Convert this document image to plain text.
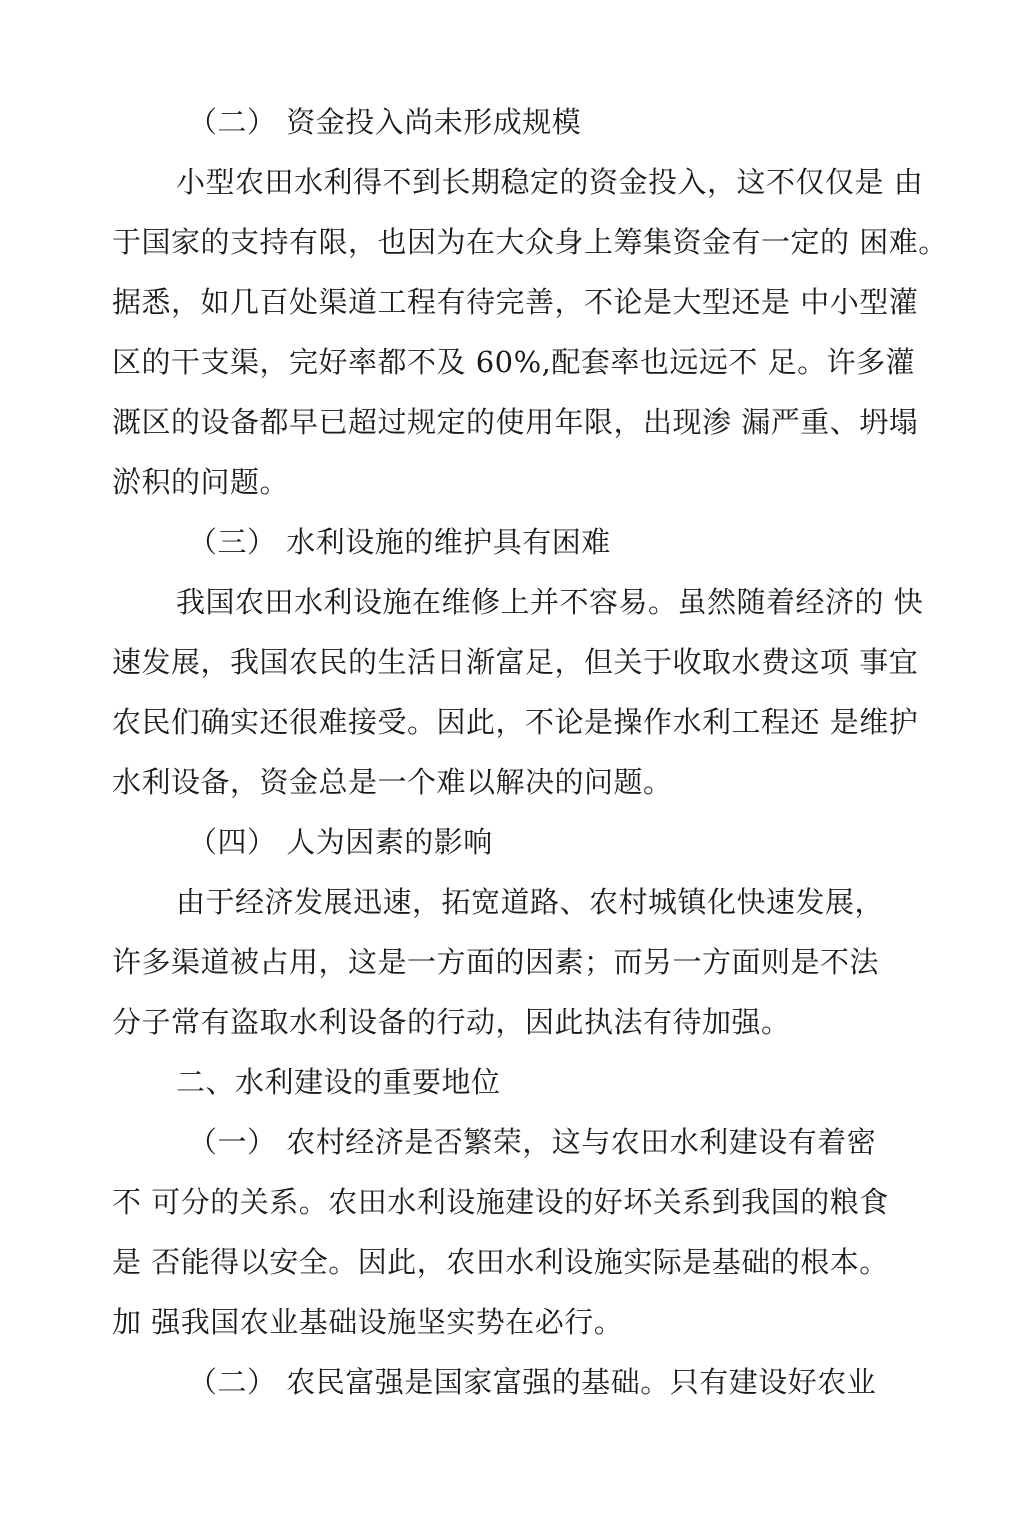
（二） 资金投入尚未形成规模
小型农田水利得不到长期稳定的资金投入，这不仅仅是 由
于国家的支持有限，也因为在大众身上筹集资金有一定的 困难。
据悉，如几百处渠道工程有待完善，不论是大型还是 中小型灌
区的干支渠，完好率都不及 60%,配套率也远远不 足。许多灌
溉区的设备都早已超过规定的使用年限，出现渗 漏严重、坍塌
淤积的问题。
（三） 水利设施的维护具有困难
我国农田水利设施在维修上并不容易。虽然随着经济的 快
速发展，我国农民的生活日渐富足，但关于收取水费这项 事宜
农民们确实还很难接受。因此，不论是操作水利工程还 是维护
水利设备，资金总是一个难以解决的问题。
（四） 人为因素的影响
由于经济发展迅速，拓宽道路、农村城镇化快速发展，
许多渠道被占用，这是一方面的因素；而另一方面则是不法
分子常有盗取水利设备的行动，因此执法有待加强。
二、水利建设的重要地位
（一） 农村经济是否繁荣，这与农田水利建设有着密
不 可分的关系。农田水利设施建设的好坏关系到我国的粮食
是 否能得以安全。因此，农田水利设施实际是基础的根本。
加 强我国农业基础设施坚实势在必行。
（二） 农民富强是国家富强的基础。只有建设好农业
